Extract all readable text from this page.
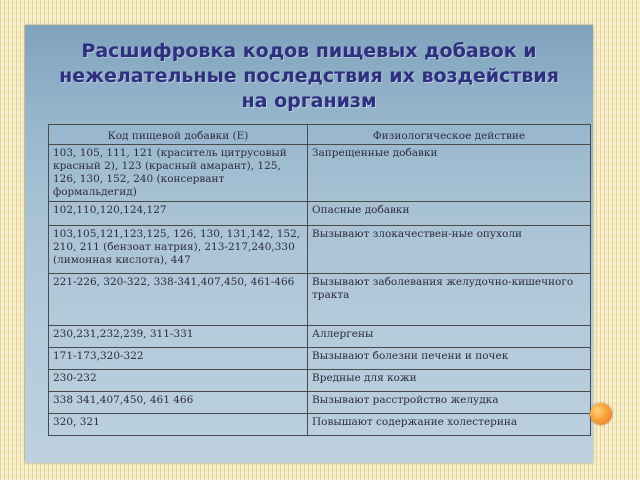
Расшифровка кодов пищевых добавок и
нежелательные последствия их воздействия
на организм
Код пищевой добавки (Е)	Физиологическое действие
103, 105, 111, 121 (краситель цитрусовый красный 2), 123 (красный амарант), 125, 126, 130, 152, 240 (консервант формальдегид)	Запрещенные добавки
102,110,120,124,127	Опасные добавки
103,105,121,123,125, 126, 130, 131,142, 152, 210, 211 (бензоат натрия), 213-217,240,330 (лимонная кислота), 447	Вызывают злокачествен-ные опухоли
221-226, 320-322, 338-341,407,450, 461-466	Вызывают заболевания желудочно-кишечного
тракта
230,231,232,239, 311-331	Аллергены
171-173,320-322	Вызывают болезни печени и почек
230-232	Вредные для кожи
338 341,407,450, 461 466	Вызывают расстройство желудка
320, 321	Повышают содержание холестерина
